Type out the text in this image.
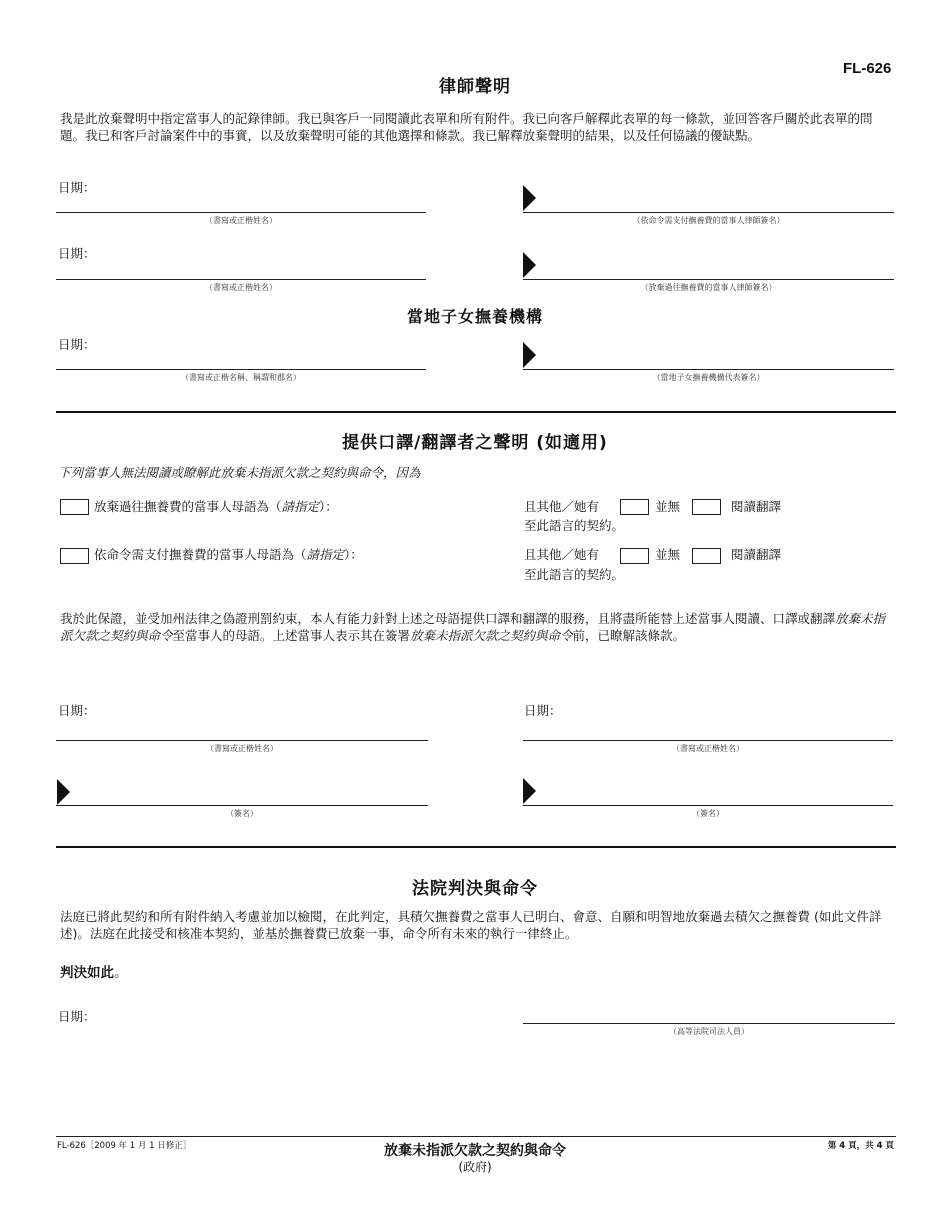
FL-626
律師聲明
我是此放棄聲明中指定當事人的記錄律師。我已與客戶一同閱讀此表單和所有附件。我已向客戶解釋此表單的每一條款，並回答客戶關於此表單的問題。我已和客戶討論案件中的事實，以及放棄聲明可能的其他選擇和條款。我已解釋放棄聲明的結果，以及任何協議的優缺點。
日期：
（書寫或正楷姓名）	（依命令需支付撫養費的當事人律師簽名）
日期：
（書寫或正楷姓名）	（放棄過往撫養費的當事人律師簽名）
當地子女撫養機構
日期：
（書寫或正楷名稱、稱謂和郡名）	（當地子女撫養機構代表簽名）
提供口譯/翻譯者之聲明 (如適用)
下列當事人無法閱讀或瞭解此放棄未指派欠款之契約與命令，因為
放棄過往撫養費的當事人母語為（請指定）：	且其他／她有	並無	閱讀翻譯
至此語言的契約。
依命令需支付撫養費的當事人母語為（請指定）：	且其他／她有	並無	閱讀翻譯
至此語言的契約。
我於此保證，並受加州法律之偽證刑罰約束，本人有能力針對上述之母語提供口譯和翻譯的服務，且將盡所能替上述當事人閱讀、口譯或翻譯放棄未指派欠款之契約與命令至當事人的母語。上述當事人表示其在簽署放棄未指派欠款之契約與命令前，已瞭解該條款。
日期：
（書寫或正楷姓名）
（簽名）
日期：
（書寫或正楷姓名）
（簽名）
法院判決與命令
法庭已將此契約和所有附件納入考慮並加以檢閱，在此判定，具積欠撫養費之當事人已明白、會意、自願和明智地放棄過去積欠之撫養費 (如此文件詳述)。法庭在此接受和核准本契約，並基於撫養費已放棄一事，命令所有未來的執行一律終止。
判決如此。
日期：
（高等法院司法人員）
FL-626［2009 年 1 月 1 日修正］	放棄未指派欠款之契約與命令
(政府)
第 4 頁，共 4 頁
